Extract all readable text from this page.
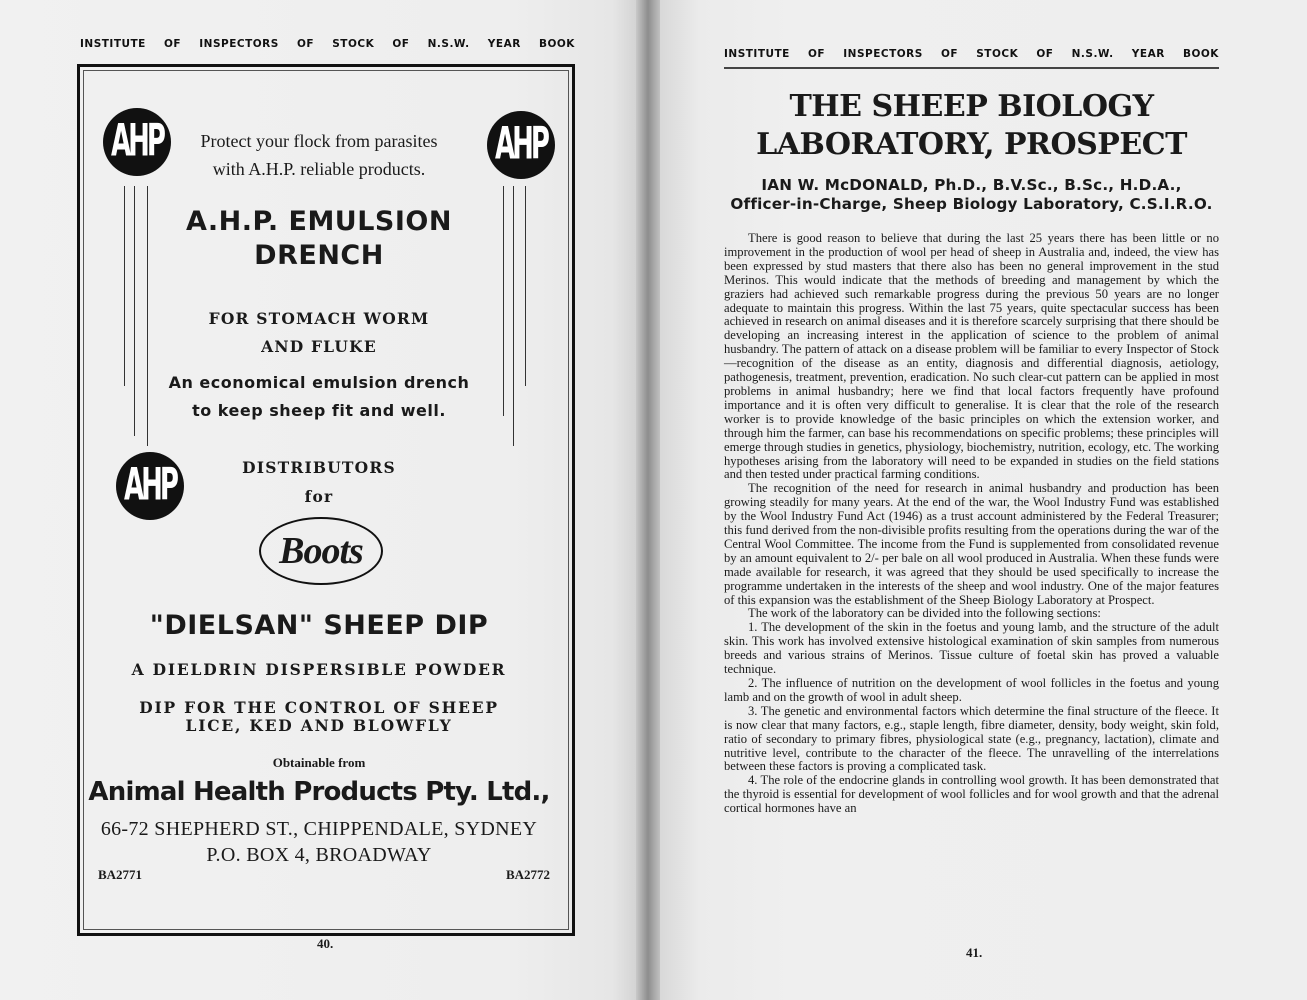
INSTITUTE OF INSPECTORS OF STOCK OF N.S.W. YEAR BOOK
AHP	AHP
AHP
Protect your flock from parasites
with A.H.P. reliable products.
A.H.P. EMULSION
DRENCH
FOR STOMACH WORM
AND FLUKE
An economical emulsion drench
to keep sheep fit and well.
DISTRIBUTORS
for
Boots
"DIELSAN" SHEEP DIP
A DIELDRIN DISPERSIBLE POWDER
DIP FOR THE CONTROL OF SHEEP
LICE, KED AND BLOWFLY
Obtainable from
Animal Health Products Pty. Ltd.,
66-72 SHEPHERD ST., CHIPPENDALE, SYDNEY
P.O. BOX 4, BROADWAY
BA2771	BA2772
40.
INSTITUTE OF INSPECTORS OF STOCK OF N.S.W. YEAR BOOK
THE SHEEP BIOLOGY
LABORATORY, PROSPECT
IAN W. McDONALD, Ph.D., B.V.Sc., B.Sc., H.D.A.,
Officer-in-Charge, Sheep Biology Laboratory, C.S.I.R.O.

There is good reason to believe that during the last 25 years there has been little or no improvement in the production of wool per head of sheep in Australia and, indeed, the view has been expressed by stud masters that there also has been no general improvement in the stud Merinos. This would indicate that the methods of breeding and management by which the graziers had achieved such remarkable progress during the previous 50 years are no longer adequate to maintain this progress. Within the last 75 years, quite spectacular success has been achieved in research on animal diseases and it is therefore scarcely surprising that there should be developing an increasing interest in the application of science to the problem of animal husbandry. The pattern of attack on a disease problem will be familiar to every Inspector of Stock—recognition of the disease as an entity, diagnosis and differential diagnosis, aetiology, pathogenesis, treatment, prevention, eradication. No such clear-cut pattern can be applied in most problems in animal husbandry; here we find that local factors frequently have profound importance and it is often very difficult to generalise. It is clear that the role of the research worker is to provide knowledge of the basic principles on which the extension worker, and through him the farmer, can base his recommendations on specific problems; these principles will emerge through studies in genetics, physiology, biochemistry, nutrition, ecology, etc. The working hypotheses arising from the laboratory will need to be expanded in studies on the field stations and then tested under practical farming conditions.

The recognition of the need for research in animal husbandry and production has been growing steadily for many years. At the end of the war, the Wool Industry Fund was established by the Wool Industry Fund Act (1946) as a trust account administered by the Federal Treasurer; this fund derived from the non-divisible profits resulting from the operations during the war of the Central Wool Committee. The income from the Fund is supplemented from consolidated revenue by an amount equivalent to 2/- per bale on all wool produced in Australia. When these funds were made available for research, it was agreed that they should be used specifically to increase the programme undertaken in the interests of the sheep and wool industry. One of the major features of this expansion was the establishment of the Sheep Biology Laboratory at Prospect.

The work of the laboratory can be divided into the following sections:

1. The development of the skin in the foetus and young lamb, and the structure of the adult skin. This work has involved extensive histological examination of skin samples from numerous breeds and various strains of Merinos. Tissue culture of foetal skin has proved a valuable technique.

2. The influence of nutrition on the development of wool follicles in the foetus and young lamb and on the growth of wool in adult sheep.

3. The genetic and environmental factors which determine the final structure of the fleece. It is now clear that many factors, e.g., staple length, fibre diameter, density, body weight, skin fold, ratio of secondary to primary fibres, physiological state (e.g., pregnancy, lactation), climate and nutritive level, contribute to the character of the fleece. The unravelling of the interrelations between these factors is proving a complicated task.

4. The role of the endocrine glands in controlling wool growth. It has been demonstrated that the thyroid is essential for development of wool follicles and for wool growth and that the adrenal cortical hormones have an

41.
